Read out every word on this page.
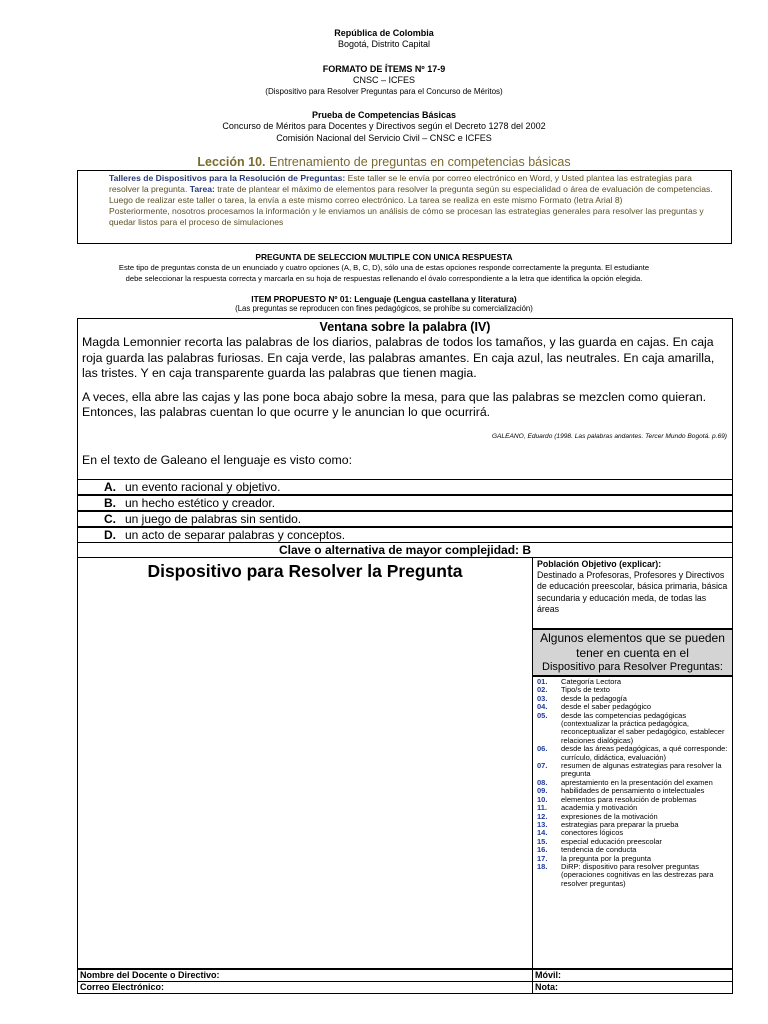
República de Colombia
Bogotá, Distrito Capital
FORMATO DE ÍTEMS Nº 17-9
CNSC – ICFES
(Dispositivo para Resolver Preguntas para el Concurso de Méritos)
Prueba de Competencias Básicas
Concurso de Méritos para Docentes y Directivos según el Decreto 1278 del 2002
Comisión Nacional del Servicio Civil – CNSC e ICFES
Lección 10. Entrenamiento de preguntas en competencias básicas
Talleres de Dispositivos para la Resolución de Preguntas: Este taller se le envía por correo electrónico en Word, y Usted plantea las estrategias para resolver la pregunta. Tarea: trate de plantear el máximo de elementos para resolver la pregunta según su especialidad o área de evaluación de competencias.
Luego de realizar este taller o tarea, la envía a este mismo correo electrónico. La tarea se realiza en este mismo Formato (letra Arial 8)
Posteriormente, nosotros procesamos la información y le enviamos un análisis de cómo se procesan las estrategias generales para resolver las preguntas y quedar listos para el proceso de simulaciones
PREGUNTA DE SELECCION MULTIPLE CON UNICA RESPUESTA
Este tipo de preguntas consta de un enunciado y cuatro opciones (A, B, C, D), sólo una de estas opciones responde correctamente la pregunta. El estudiante
debe seleccionar la respuesta correcta y marcarla en su hoja de respuestas rellenando el óvalo correspondiente a la letra que identifica la opción elegida.
ITEM PROPUESTO Nº 01: Lenguaje (Lengua castellana y literatura)
(Las preguntas se reproducen con fines pedagógicos, se prohíbe su comercialización)
Ventana sobre la palabra (IV)

Magda Lemonnier recorta las palabras de los diarios, palabras de todos los tamaños, y las guarda en cajas. En caja roja guarda las palabras furiosas. En caja verde, las palabras amantes. En caja azul, las neutrales. En caja amarilla, las tristes. Y en caja transparente guarda las palabras que tienen magia.

A veces, ella abre las cajas y las pone boca abajo sobre la mesa, para que las palabras se mezclen como quieran. Entonces, las palabras cuentan lo que ocurre y le anuncian lo que ocurrirá.

GALEANO, Eduardo (1998. Las palabras andantes. Tercer Mundo Bogotá. p.69)
En el texto de Galeano el lenguaje es visto como:
A. un evento racional y objetivo.
B. un hecho estético y creador.
C. un juego de palabras sin sentido.
D. un acto de separar palabras y conceptos.
Clave o alternativa de mayor complejidad: B
Dispositivo para Resolver la Pregunta	Población Objetivo (explicar):
Destinado a Profesoras, Profesores y Directivos de educación preescolar, básica primaria, básica secundaria y educación meda, de todas las áreas
Algunos elementos que se pueden tener en cuenta en el
Dispositivo para Resolver Preguntas:
01.	Categoría Lectora
02.	Tipo/s de texto
03.	desde la pedagogía
04.	desde el saber pedagógico
05.	desde las competencias pedagógicas (contextualizar la práctica pedagógica, reconceptualizar el saber pedagógico, establecer relaciones dialógicas)
06.	desde las áreas pedagógicas, a qué corresponde: currículo, didáctica, evaluación)
07.	resumen de algunas estrategias para resolver la pregunta
08.	aprestamiento en la presentación del examen
09.	habilidades de pensamiento o intelectuales
10.	elementos para resolución de problemas
11.	academia y motivación
12.	expresiones de la motivación
13.	estrategias para preparar la prueba
14.	conectores lógicos
15.	especial educación preescolar
16.	tendencia de conducta
17.	la pregunta por la pregunta
18.	DiRP: dispositivo para resolver preguntas (operaciones cognitivas en las destrezas para resolver preguntas)
Nombre del Docente o Directivo:	Móvil:
Correo Electrónico:	Nota:
